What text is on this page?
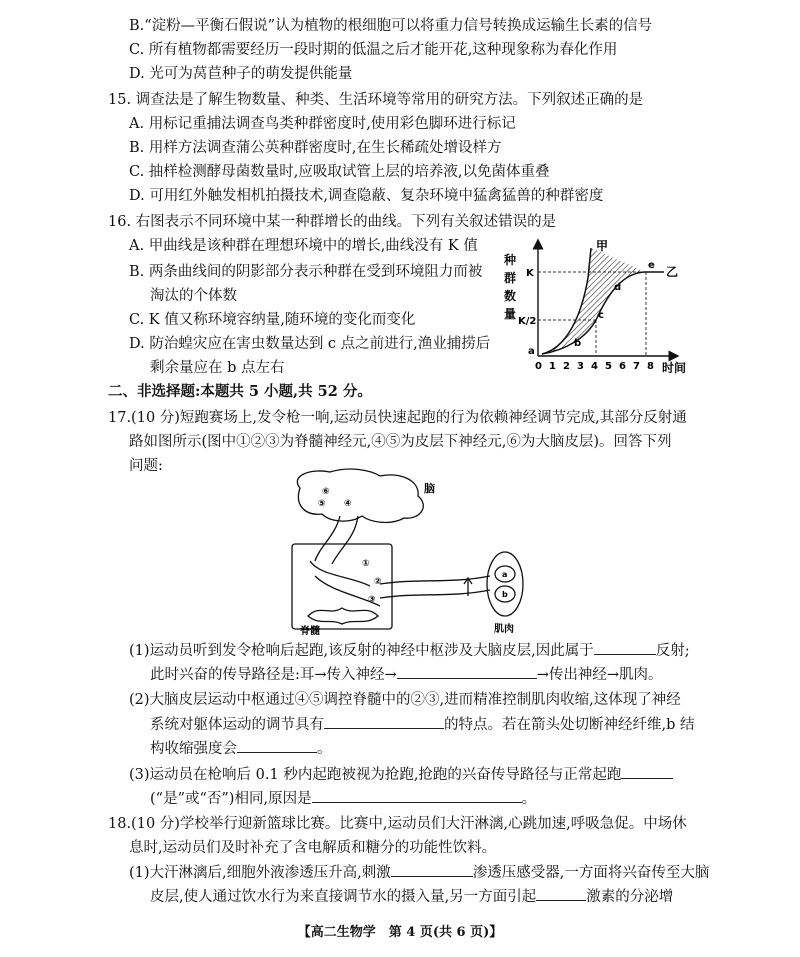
B.“淀粉—平衡石假说”认为植物的根细胞可以将重力信号转换成运输生长素的信号
C. 所有植物都需要经历一段时期的低温之后才能开花,这种现象称为春化作用
D. 光可为莴苣种子的萌发提供能量
15. 调查法是了解生物数量、种类、生活环境等常用的研究方法。下列叙述正确的是
A. 用标记重捕法调查鸟类种群密度时,使用彩色脚环进行标记
B. 用样方法调查蒲公英种群密度时,在生长稀疏处增设样方
C. 抽样检测酵母菌数量时,应吸取试管上层的培养液,以免菌体重叠
D. 可用红外触发相机拍摄技术,调查隐蔽、复杂环境中猛禽猛兽的种群密度
16. 右图表示不同环境中某一种群增长的曲线。下列有关叙述错误的是
A. 甲曲线是该种群在理想环境中的增长,曲线没有 K 值
B. 两条曲线间的阴影部分表示种群在受到环境阻力而被
淘汰的个体数
C. K 值又称环境容纳量,随环境的变化而变化
D. 防治蝗灾应在害虫数量达到 c 点之前进行,渔业捕捞后
剩余量应在 b 点左右
二、非选择题:本题共 5 小题,共 52 分。
17.(10 分)短跑赛场上,发令枪一响,运动员快速起跑的行为依赖神经调节完成,其部分反射通
路如图所示(图中①②③为脊髓神经元,④⑤为皮层下神经元,⑥为大脑皮层)。回答下列
问题:
种
群
数
量
K
K/2
甲
乙
a
b
c
d
e
0 1 2 3 4 5 6 7 8 时间
⑥
⑤ ④
①
②
③
a
b
脑
脊髓	肌肉
(1)运动员听到发令枪响后起跑,该反射的神经中枢涉及大脑皮层,因此属于	反射;
此时兴奋的传导路径是:耳→传入神经→	→传出神经→肌肉。
(2)大脑皮层运动中枢通过④⑤调控脊髓中的②③,进而精准控制肌肉收缩,这体现了神经
系统对躯体运动的调节具有	的特点。若在箭头处切断神经纤维,b 结
构收缩强度会	。
(3)运动员在枪响后 0.1 秒内起跑被视为抢跑,抢跑的兴奋传导路径与正常起跑
(“是”或“否”)相同,原因是	。
18.(10 分)学校举行迎新篮球比赛。比赛中,运动员们大汗淋漓,心跳加速,呼吸急促。中场休
息时,运动员们及时补充了含电解质和糖分的功能性饮料。
(1)大汗淋漓后,细胞外液渗透压升高,刺激	渗透压感受器,一方面将兴奋传至大脑
皮层,使人通过饮水行为来直接调节水的摄入量,另一方面引起	激素的分泌增
【高二生物学　第 4 页(共 6 页)】
